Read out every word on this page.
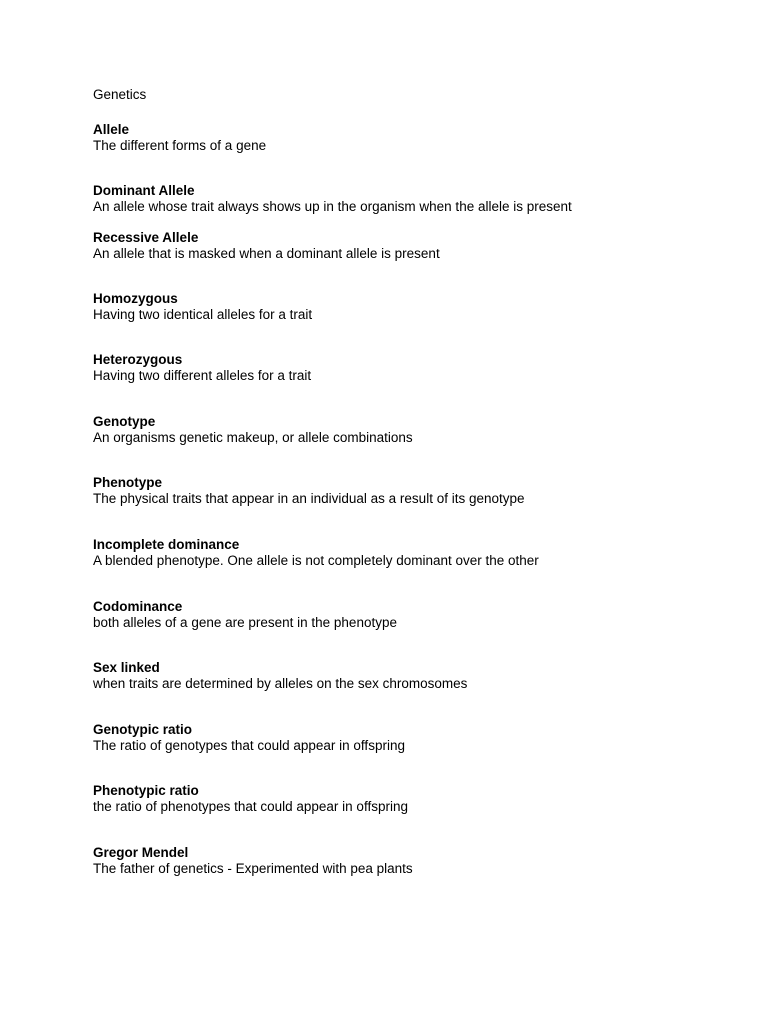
Genetics
Allele
The different forms of a gene
Dominant Allele
An allele whose trait always shows up in the organism when the allele is present
Recessive Allele
An allele that is masked when a dominant allele is present
Homozygous
Having two identical alleles for a trait
Heterozygous
Having two different alleles for a trait
Genotype
An organisms genetic makeup, or allele combinations
Phenotype
The physical traits that appear in an individual as a result of its genotype
Incomplete dominance
A blended phenotype. One allele is not completely dominant over the other
Codominance
both alleles of a gene are present in the phenotype
Sex linked
when traits are determined by alleles on the sex chromosomes
Genotypic ratio
The ratio of genotypes that could appear in offspring
Phenotypic ratio
the ratio of phenotypes that could appear in offspring
Gregor Mendel
The father of genetics - Experimented with pea plants
